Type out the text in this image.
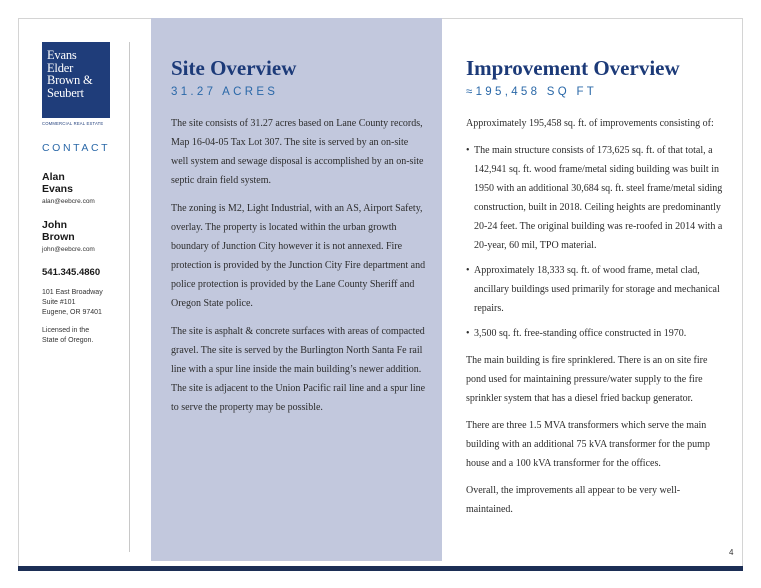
Evans
Elder
Brown &
Seubert
COMMERCIAL REAL ESTATE
CONTACT
Alan
Evans
alan@eebcre.com
John
Brown
john@eebcre.com
541.345.4860
101 East Broadway
Suite #101
Eugene, OR 97401
Licensed in the
State of Oregon.
Site Overview
31.27 ACRES

The site consists of 31.27 acres based on Lane County records, Map 16-04-05 Tax Lot 307. The site is served by an on-site well system and sewage disposal is accomplished by an on-site septic drain field system.

The zoning is M2, Light Industrial, with an AS, Airport Safety, overlay. The property is located within the urban growth boundary of Junction City however it is not annexed. Fire protection is provided by the Junction City Fire department and police protection is provided by the Lane County Sheriff and Oregon State police.

The site is asphalt & concrete surfaces with areas of compacted gravel. The site is served by the Burlington North Santa Fe rail line with a spur line inside the main building’s newer addition. The site is adjacent to the Union Pacific rail line and a spur line to serve the property may be possible.

Improvement Overview
≈195,458 SQ FT

Approximately 195,458 sq. ft. of improvements consisting of:

• The main structure consists of 173,625 sq. ft. of that total, a 142,941 sq. ft. wood frame/metal siding building was built in 1950 with an additional 30,684 sq. ft. steel frame/metal siding construction, built in 2018. Ceiling heights are predominantly 20-24 feet. The original building was re-roofed in 2014 with a 20-year, 60 mil, TPO material.
• Approximately 18,333 sq. ft. of wood frame, metal clad, ancillary buildings used primarily for storage and mechanical repairs.
• 3,500 sq. ft. free-standing office constructed in 1970.

The main building is fire sprinklered. There is an on site fire pond used for maintaining pressure/water supply to the fire sprinkler system that has a diesel fried backup generator.

There are three 1.5 MVA transformers which serve the main building with an additional 75 kVA transformer for the pump house and a 100 kVA transformer for the offices.

Overall, the improvements all appear to be very well-maintained.

4
